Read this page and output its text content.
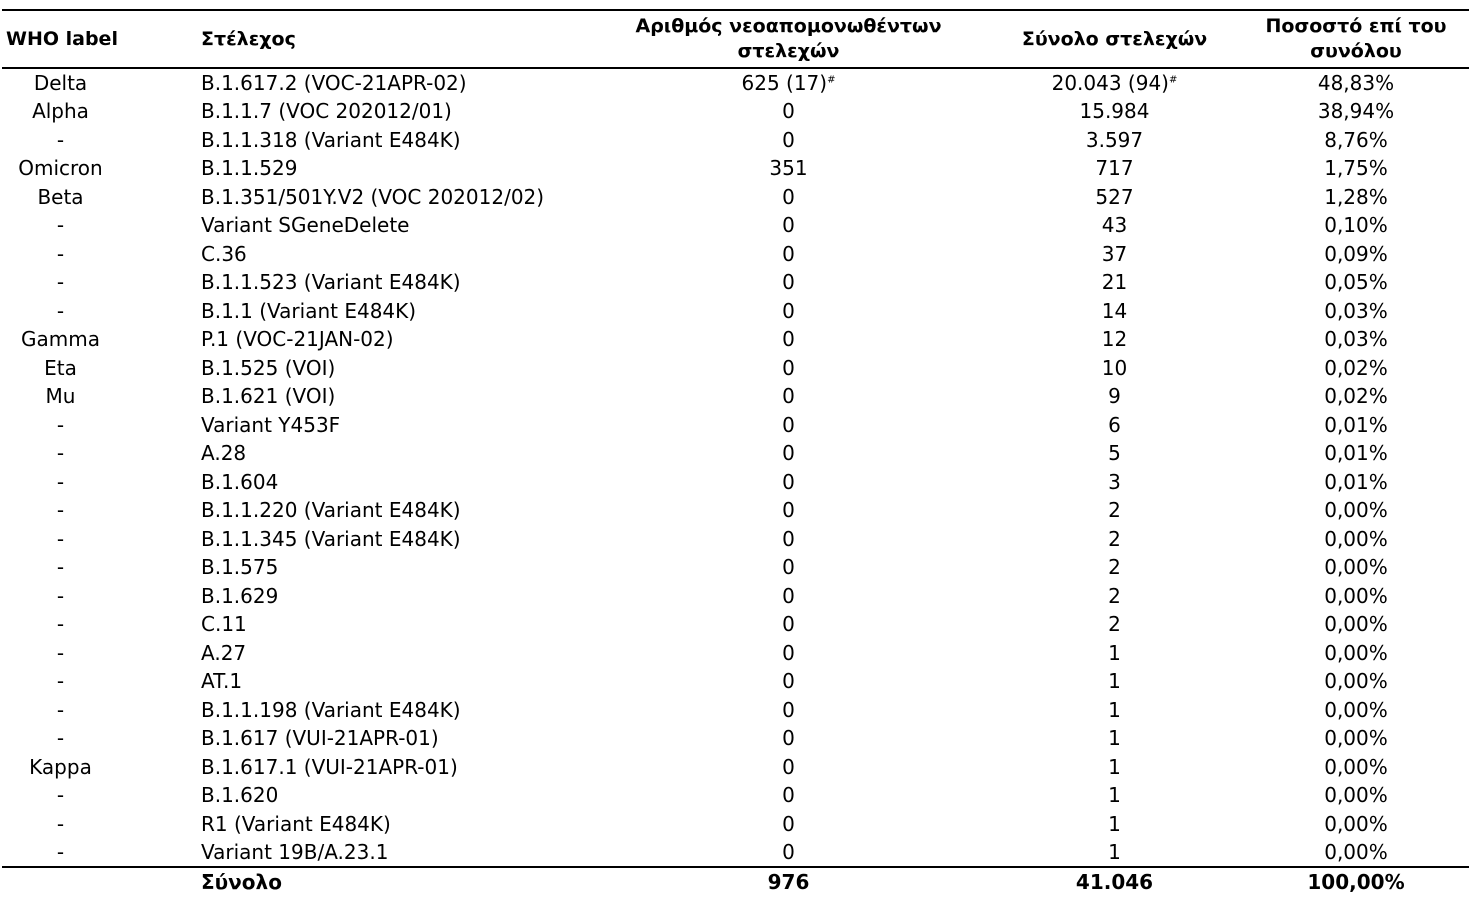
WHO label	Στέλεχος	Αριθμός νεοαπομονωθέντων στελεχών	Σύνολο στελεχών	Ποσοστό επί του συνόλου
Delta	B.1.617.2 (VOC-21APR-02)	625 (17)#	20.043 (94)#	48,83%
Alpha	B.1.1.7 (VOC 202012/01)	0	15.984	38,94%
-	B.1.1.318 (Variant E484K)	0	3.597	8,76%
Omicron	B.1.1.529	351	717	1,75%
Beta	B.1.351/501Y.V2 (VOC 202012/02)	0	527	1,28%
-	Variant SGeneDelete	0	43	0,10%
-	C.36	0	37	0,09%
-	B.1.1.523 (Variant E484K)	0	21	0,05%
-	B.1.1 (Variant E484K)	0	14	0,03%
Gamma	P.1 (VOC-21JAN-02)	0	12	0,03%
Eta	B.1.525 (VOI)	0	10	0,02%
Mu	B.1.621 (VOI)	0	9	0,02%
-	Variant Y453F	0	6	0,01%
-	A.28	0	5	0,01%
-	B.1.604	0	3	0,01%
-	B.1.1.220 (Variant E484K)	0	2	0,00%
-	B.1.1.345 (Variant E484K)	0	2	0,00%
-	B.1.575	0	2	0,00%
-	B.1.629	0	2	0,00%
-	C.11	0	2	0,00%
-	A.27	0	1	0,00%
-	AT.1	0	1	0,00%
-	B.1.1.198 (Variant E484K)	0	1	0,00%
-	B.1.617 (VUI-21APR-01)	0	1	0,00%
Kappa	B.1.617.1 (VUI-21APR-01)	0	1	0,00%
-	B.1.620	0	1	0,00%
-	R1 (Variant E484K)	0	1	0,00%
-	Variant 19B/A.23.1	0	1	0,00%
	Σύνολο	976	41.046	100,00%
